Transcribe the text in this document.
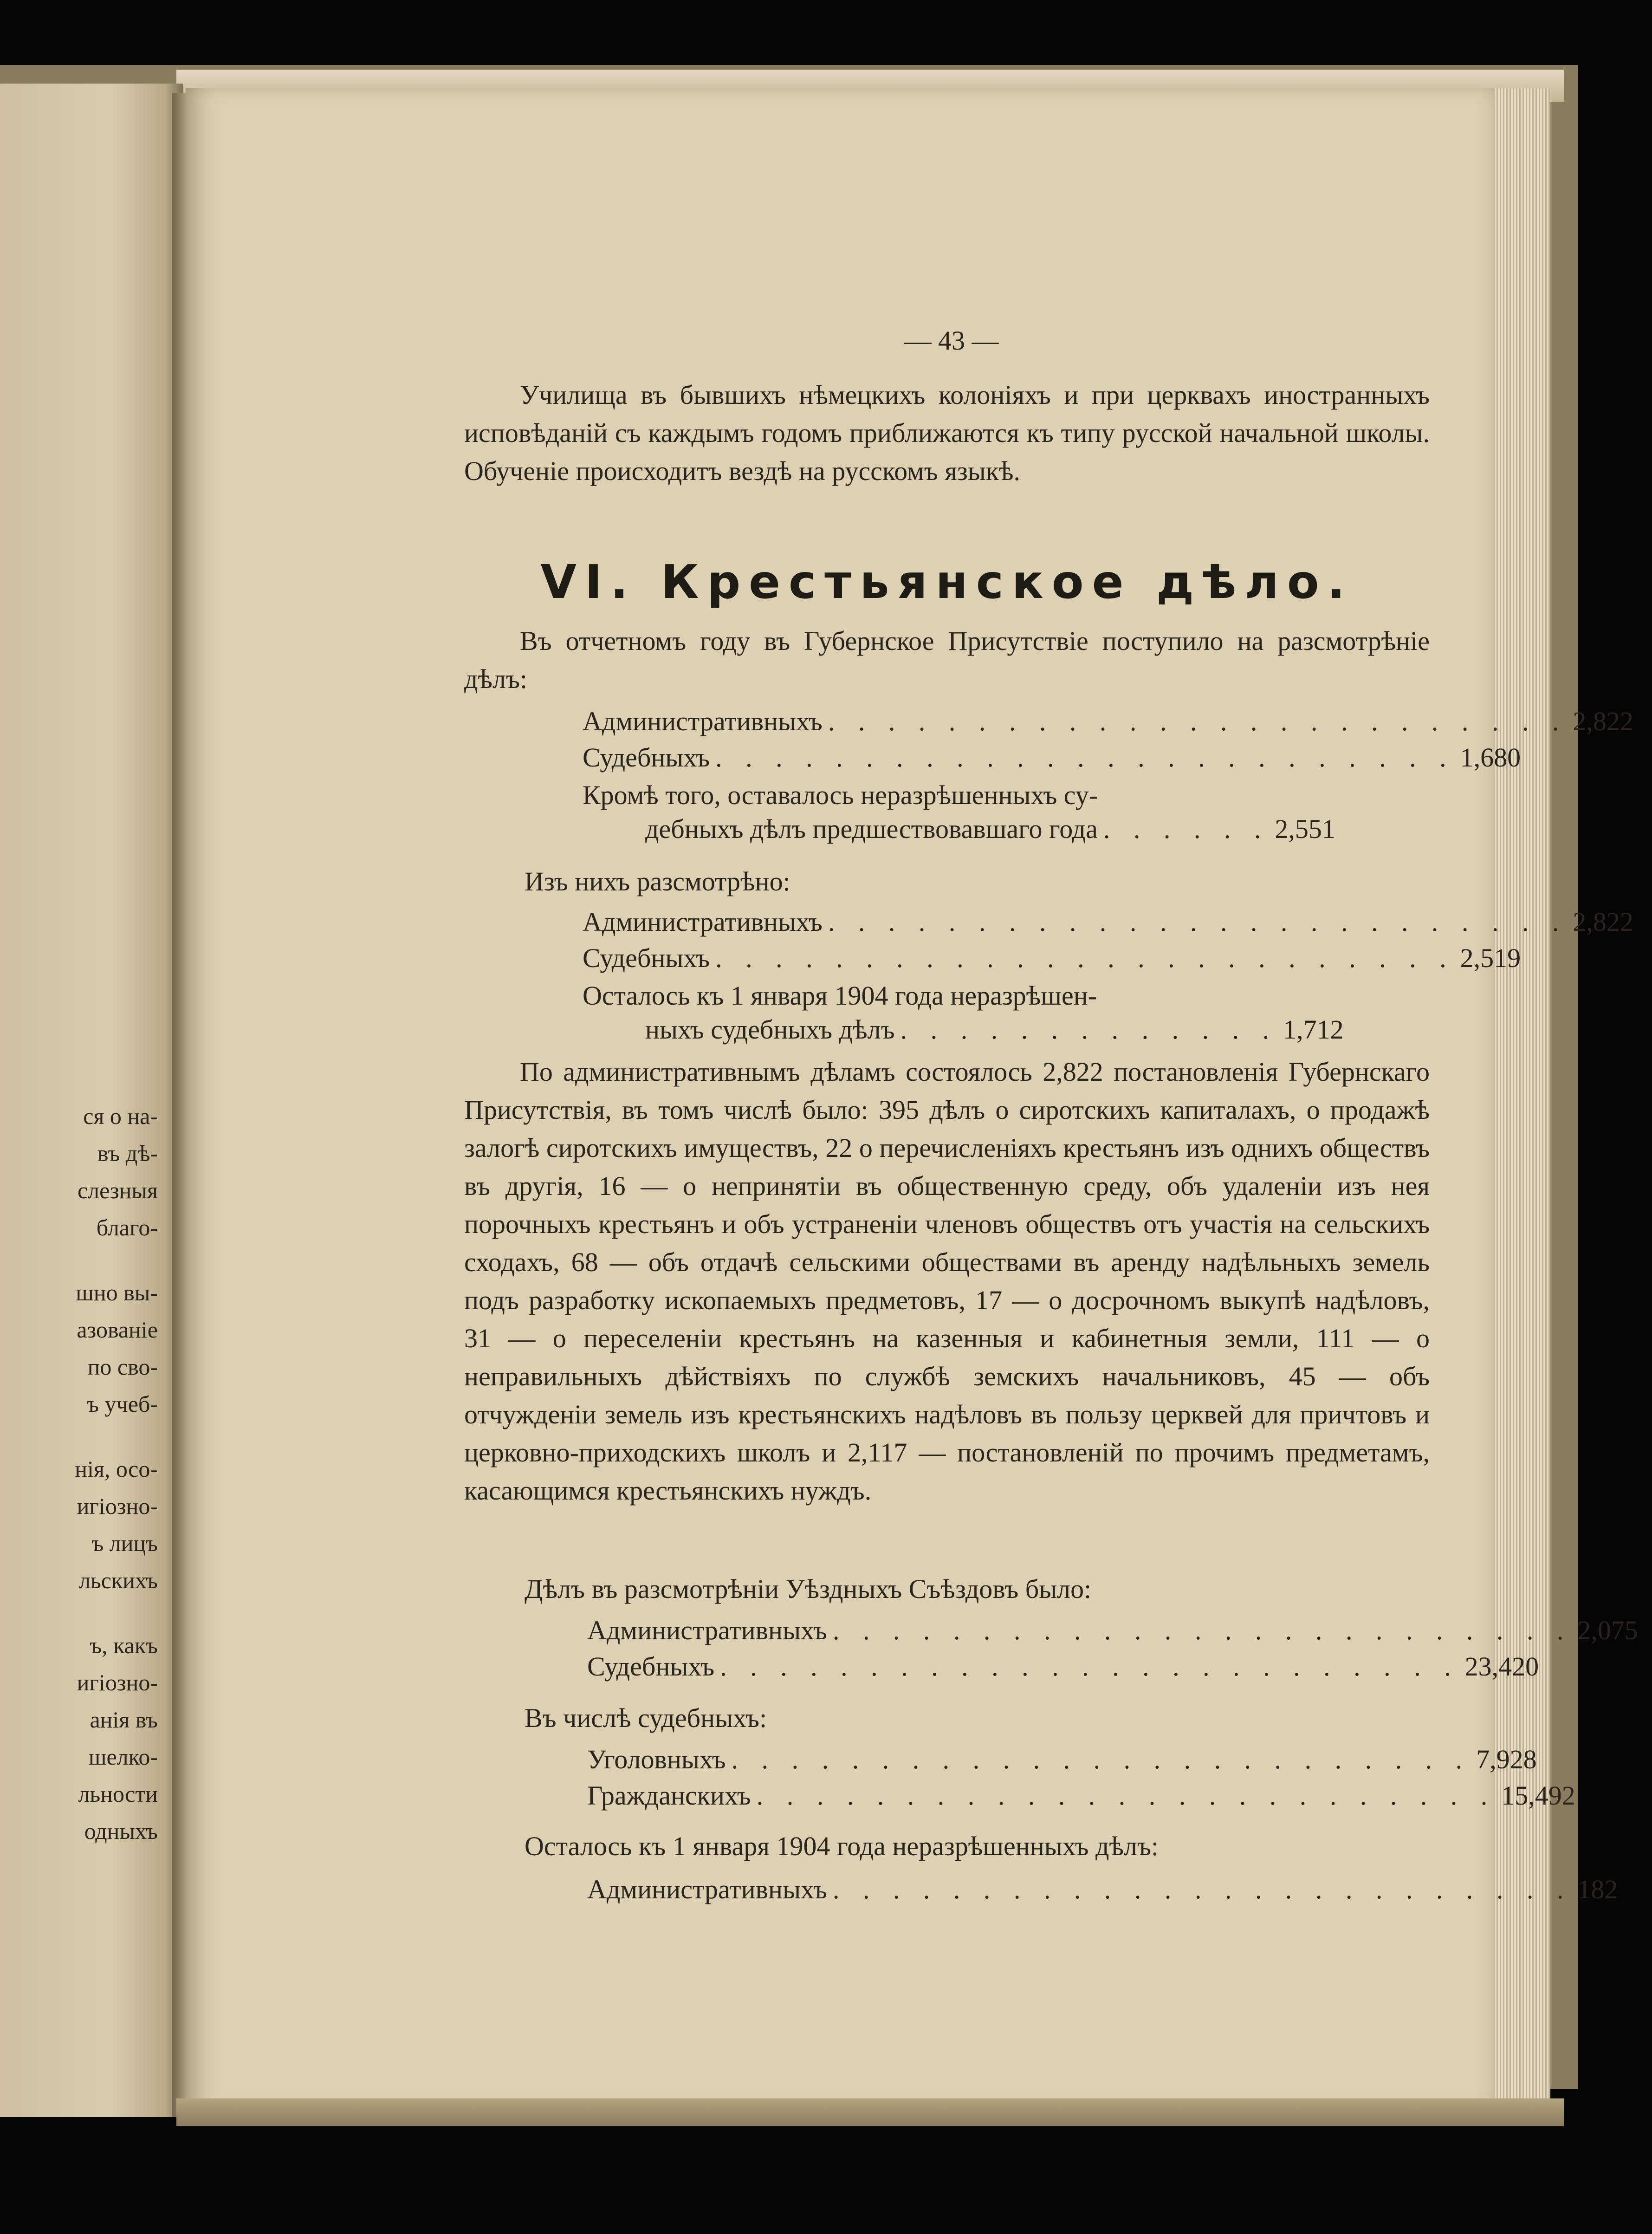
ся о на-
въ дѣ-
слезныя
благо-
шно вы-
азованіе
по сво-
ъ учеб-
нія, осо-
игіозно-
ъ лицъ
льскихъ
ъ, какъ
игіозно-
анія въ
шелко-
льности
одныхъ
— 43 —
Училища въ бывшихъ нѣмецкихъ колоніяхъ и при церквахъ иностранныхъ исповѣданій съ каждымъ годомъ приближаются къ типу русской начальной школы. Обученіе происходитъ вездѣ на русскомъ языкѣ.
VI. Крестьянское дѣло.
Въ отчетномъ году въ Губернское Присутствіе поступило на разсмотрѣніе дѣлъ:
Административныхъ . . . . . . . . . . . . . . . . . . . . . . . . . 2,822
Судебныхъ . . . . . . . . . . . . . . . . . . . . . . . . . 1,680
Кромѣ того, оставалось неразрѣшенныхъ су-
дебныхъ дѣлъ предшествовавшаго года . . . . . . 2,551
Изъ нихъ разсмотрѣно:
Административныхъ . . . . . . . . . . . . . . . . . . . . . . . . . 2,822
Судебныхъ . . . . . . . . . . . . . . . . . . . . . . . . . 2,519
Осталось къ 1 января 1904 года неразрѣшен-
ныхъ судебныхъ дѣлъ . . . . . . . . . . . . . 1,712
По административнымъ дѣламъ состоялось 2,822 постановленія Губернскаго Присутствія, въ томъ числѣ было: 395 дѣлъ о сиротскихъ капиталахъ, о продажѣ залогѣ сиротскихъ имуществъ, 22 о перечисленіяхъ крестьянъ изъ однихъ обществъ въ другія, 16 — о непринятіи въ общественную среду, объ удаленіи изъ нея порочныхъ крестьянъ и объ устраненіи членовъ обществъ отъ участія на сельскихъ сходахъ, 68 — объ отдачѣ сельскими обществами въ аренду надѣльныхъ земель подъ разработку ископаемыхъ предметовъ, 17 — о досрочномъ выкупѣ надѣловъ, 31 — о переселеніи крестьянъ на казенныя и кабинетныя земли, 111 — о неправильныхъ дѣйствіяхъ по службѣ земскихъ начальниковъ, 45 — объ отчужденіи земель изъ крестьянскихъ надѣловъ въ пользу церквей для причтовъ и церковно-приходскихъ школъ и 2,117 — постановленій по прочимъ предметамъ, касающимся крестьянскихъ нуждъ.
Дѣлъ въ разсмотрѣніи Уѣздныхъ Съѣздовъ было:
Административныхъ . . . . . . . . . . . . . . . . . . . . . . . . . 2,075
Судебныхъ . . . . . . . . . . . . . . . . . . . . . . . . . 23,420
Въ числѣ судебныхъ:
Уголовныхъ . . . . . . . . . . . . . . . . . . . . . . . . . 7,928
Гражданскихъ . . . . . . . . . . . . . . . . . . . . . . . . . 15,492
Осталось къ 1 января 1904 года неразрѣшенныхъ дѣлъ:
Административныхъ . . . . . . . . . . . . . . . . . . . . . . . . . 182
